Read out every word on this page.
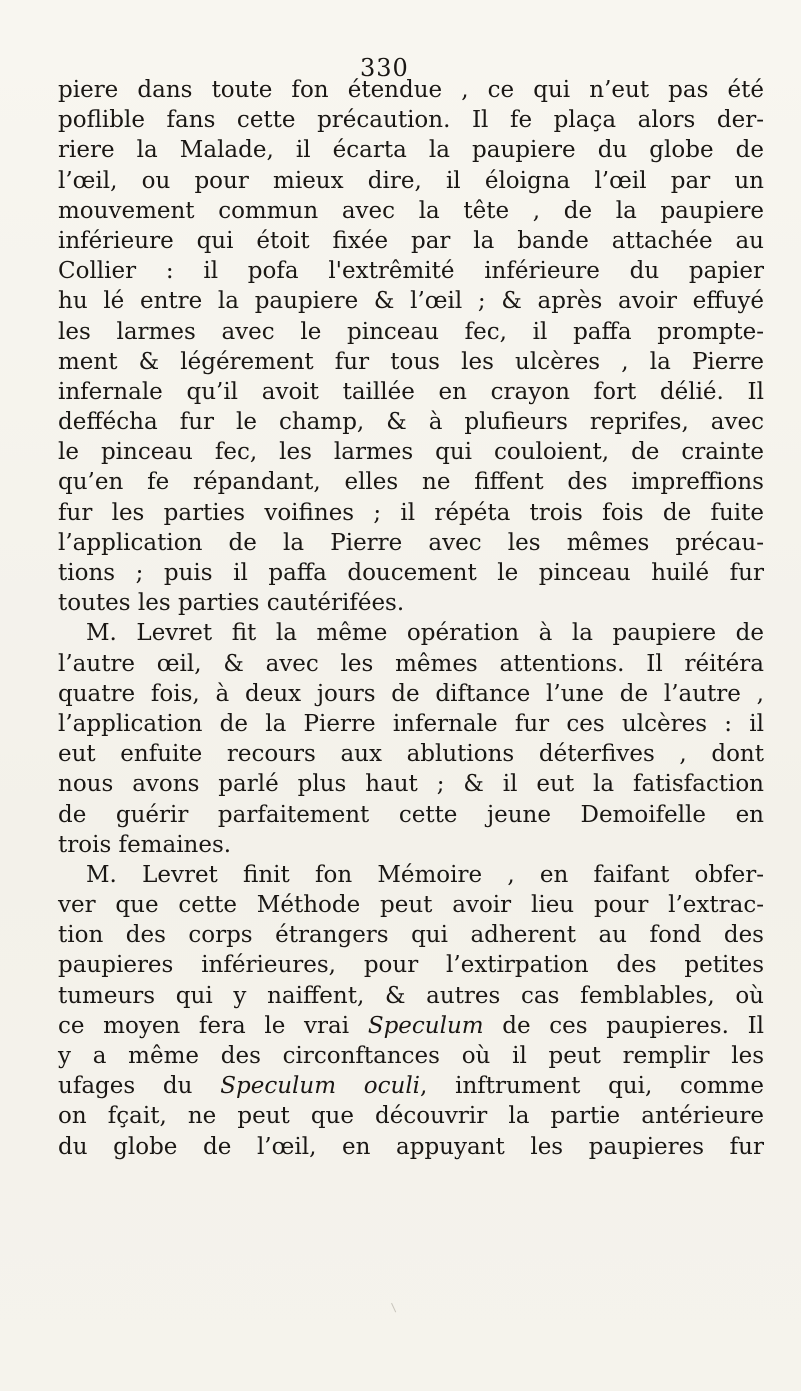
330
piere dans toute fon étendue , ce qui n’eut pas été
poflible fans cette précaution. Il fe plaça alors der-
riere la Malade, il écarta la paupiere du globe de
l’œil, ou pour mieux dire, il éloigna l’œil par un
mouvement commun avec la tête , de la paupiere
inférieure qui étoit fixée par la bande attachée au
Collier : il pofa l'extrêmité inférieure du papier
hu lé entre la paupiere & l’œil ; & après avoir effuyé
les larmes avec le pinceau fec, il paffa prompte-
ment & légérement fur tous les ulcères , la Pierre
infernale qu’il avoit taillée en crayon fort délié. Il
deffécha fur le champ, & à plufieurs reprifes, avec
le pinceau fec, les larmes qui couloient, de crainte
qu’en fe répandant, elles ne fiffent des impreffions
fur les parties voifines ; il répéta trois fois de fuite
l’application de la Pierre avec les mêmes précau-
tions ; puis il paffa doucement le pinceau huilé fur
toutes les parties cautérifées.
M. Levret fit la même opération à la paupiere de
l’autre œil, & avec les mêmes attentions. Il réitéra
quatre fois, à deux jours de diftance l’une de l’autre ,
l’application de la Pierre infernale fur ces ulcères : il
eut enfuite recours aux ablutions déterfives , dont
nous avons parlé plus haut ; & il eut la fatisfaction
de guérir parfaitement cette jeune Demoifelle en
trois femaines.
M. Levret finit fon Mémoire , en faifant obfer-
ver que cette Méthode peut avoir lieu pour l’extrac-
tion des corps étrangers qui adherent au fond des
paupieres inférieures, pour l’extirpation des petites
tumeurs qui y naiffent, & autres cas femblables, où
ce moyen fera le vrai Speculum de ces paupieres. Il
y a même des circonftances où il peut remplir les
ufages du Speculum oculi, inftrument qui, comme
on fçait, ne peut que découvrir la partie antérieure
du globe de l’œil, en appuyant les paupieres fur
